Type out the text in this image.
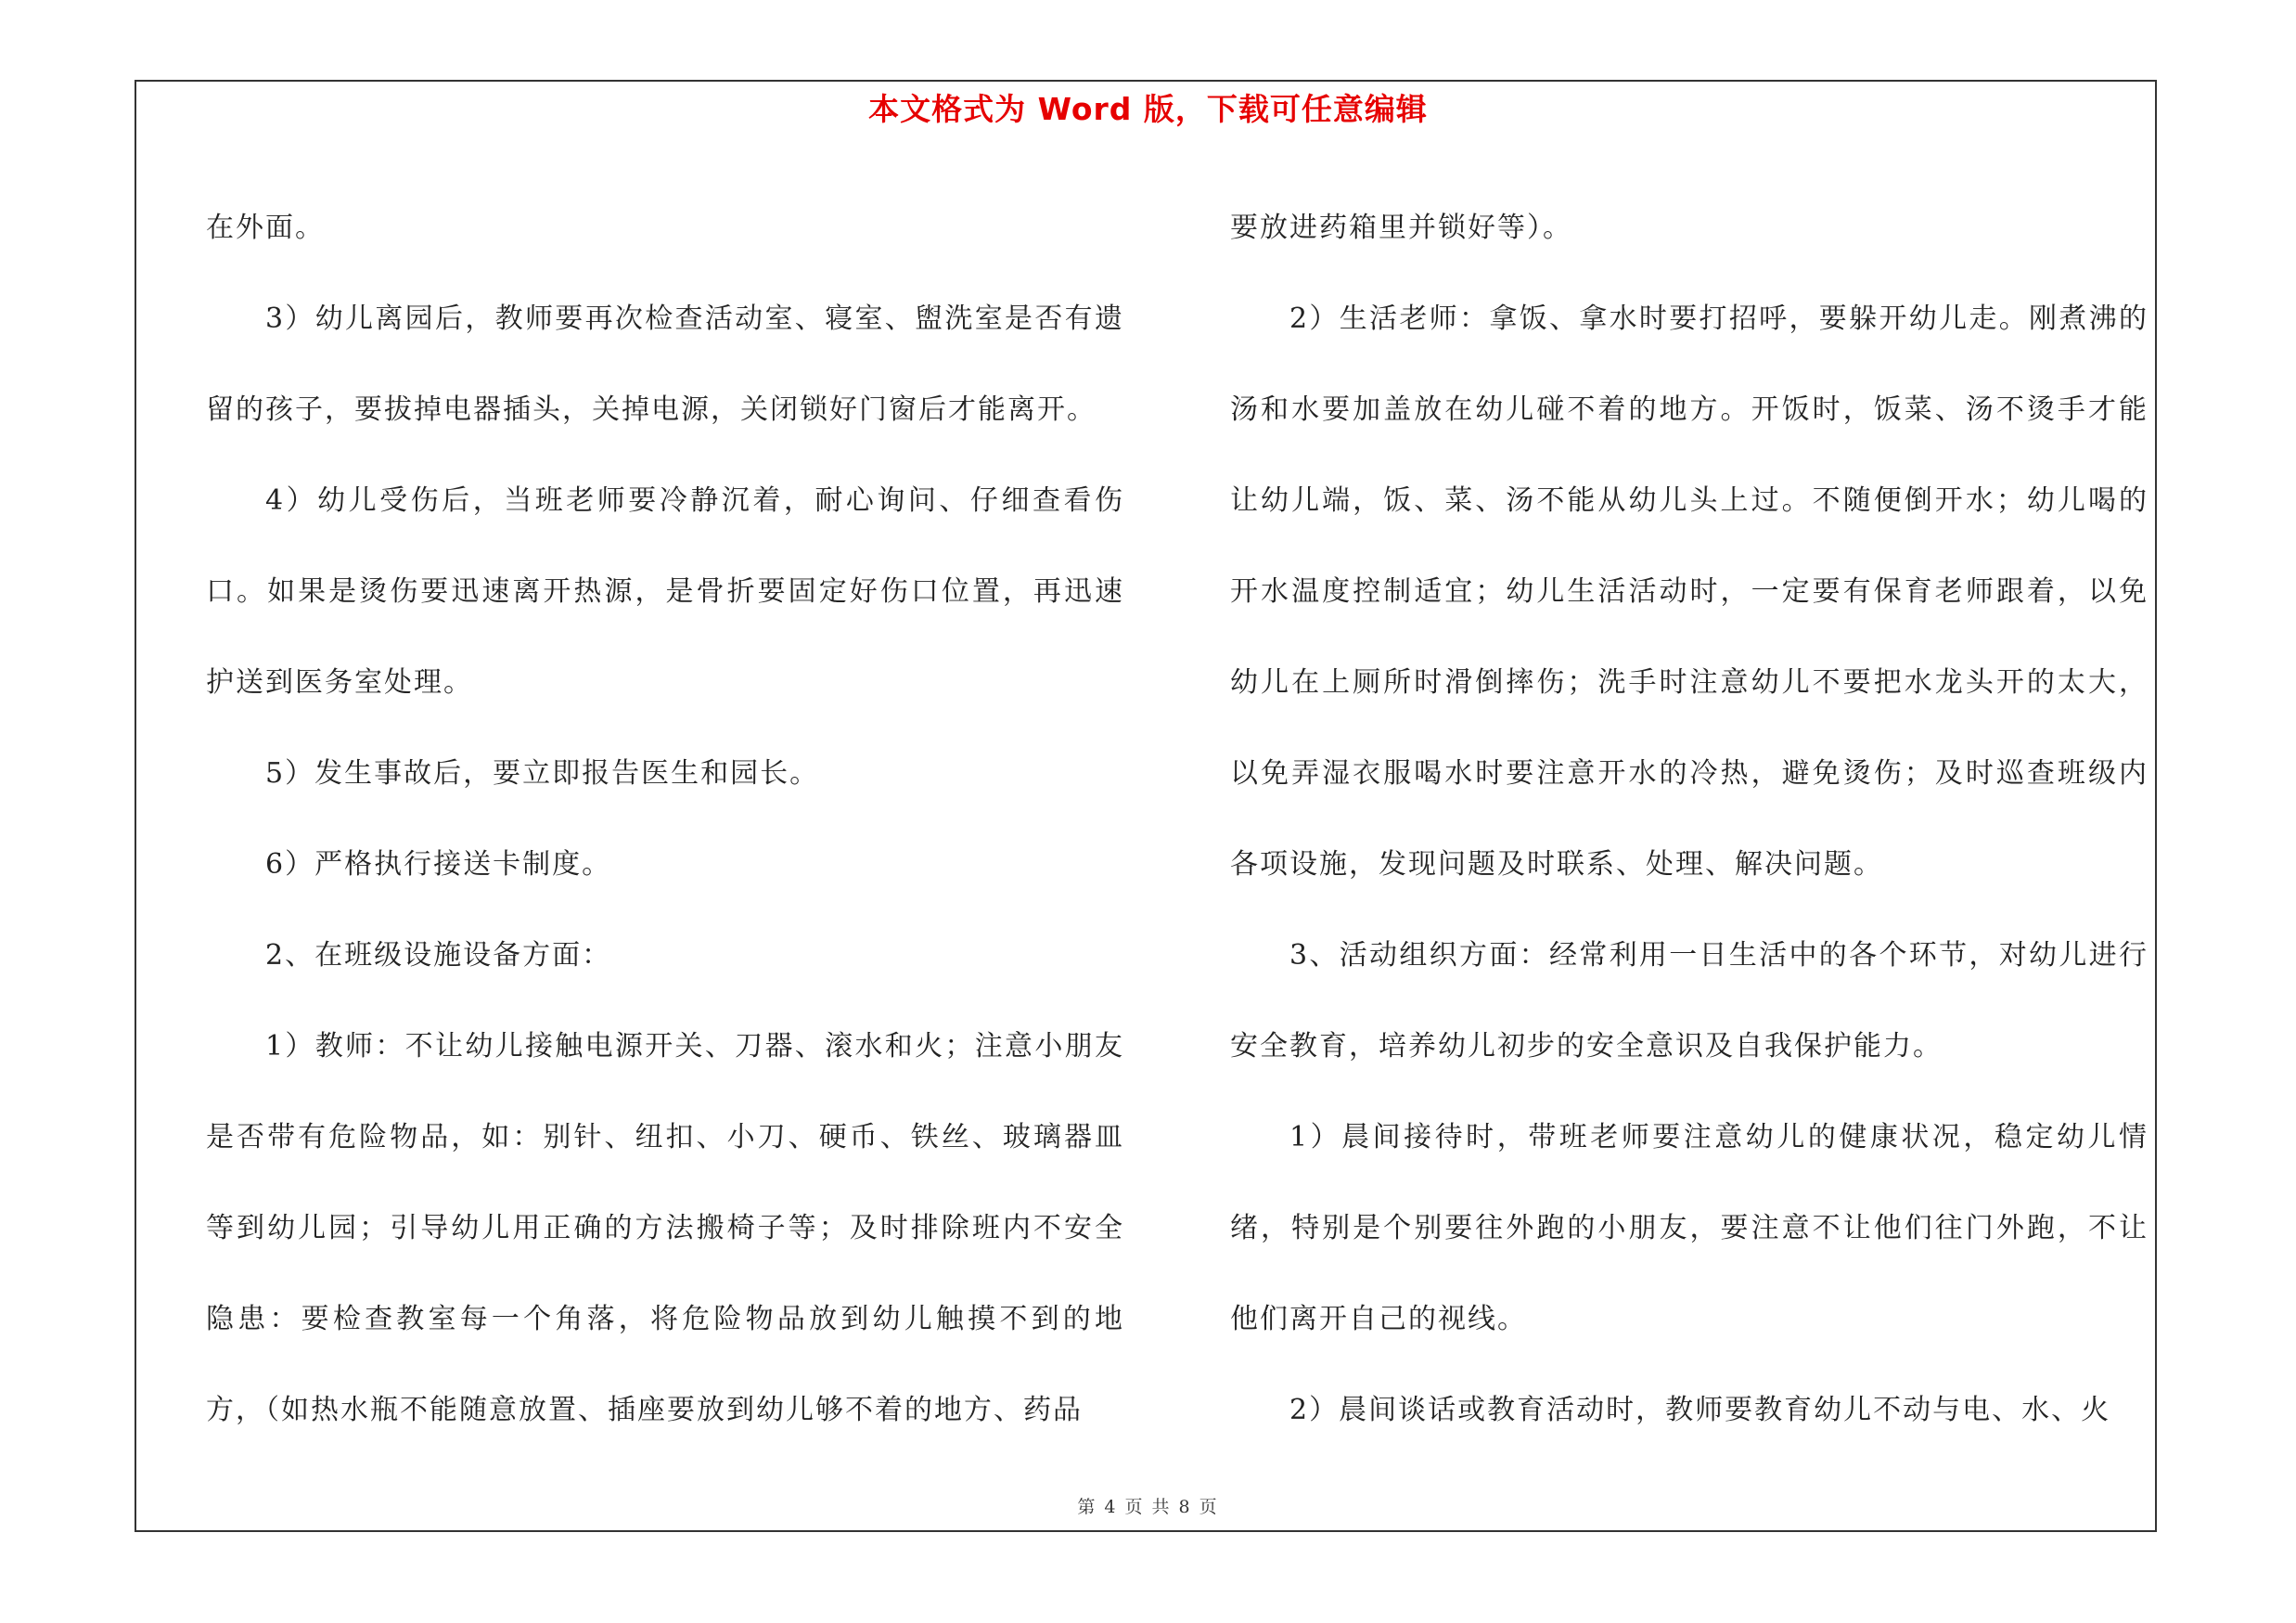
本文格式为 Word 版，下载可任意编辑

在外面。

3）幼儿离园后，教师要再次检查活动室、寝室、盥洗室是否有遗留的孩子，要拔掉电器插头，关掉电源，关闭锁好门窗后才能离开。

4）幼儿受伤后，当班老师要冷静沉着，耐心询问、仔细查看伤口。如果是烫伤要迅速离开热源，是骨折要固定好伤口位置，再迅速护送到医务室处理。

5）发生事故后，要立即报告医生和园长。

6）严格执行接送卡制度。

2、在班级设施设备方面：

1）教师：不让幼儿接触电源开关、刀器、滚水和火；注意小朋友是否带有危险物品，如：别针、纽扣、小刀、硬币、铁丝、玻璃器皿等到幼儿园；引导幼儿用正确的方法搬椅子等；及时排除班内不安全隐患：要检查教室每一个角落，将危险物品放到幼儿触摸不到的地方，（如热水瓶不能随意放置、插座要放到幼儿够不着的地方、药品

要放进药箱里并锁好等）。

2）生活老师：拿饭、拿水时要打招呼，要躲开幼儿走。刚煮沸的汤和水要加盖放在幼儿碰不着的地方。开饭时，饭菜、汤不烫手才能让幼儿端，饭、菜、汤不能从幼儿头上过。不随便倒开水；幼儿喝的开水温度控制适宜；幼儿生活活动时，一定要有保育老师跟着，以免幼儿在上厕所时滑倒摔伤；洗手时注意幼儿不要把水龙头开的太大，以免弄湿衣服喝水时要注意开水的冷热，避免烫伤；及时巡查班级内各项设施，发现问题及时联系、处理、解决问题。

3、活动组织方面：经常利用一日生活中的各个环节，对幼儿进行安全教育，培养幼儿初步的安全意识及自我保护能力。

1）晨间接待时，带班老师要注意幼儿的健康状况，稳定幼儿情绪，特别是个别要往外跑的小朋友，要注意不让他们往门外跑，不让他们离开自己的视线。

2）晨间谈话或教育活动时，教师要教育幼儿不动与电、水、火

第 4 页 共 8 页
